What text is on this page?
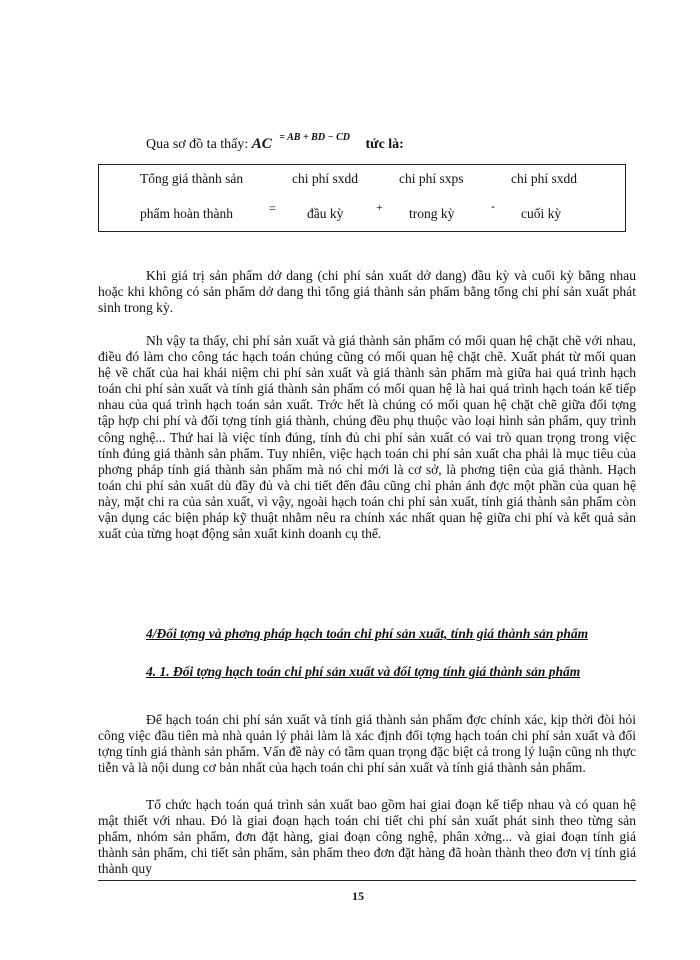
Qua sơ đồ ta thấy: AC $^{= AB + BD - CD}$ tức là:
Tổng giá thành sản	chi phí sxdd	chi phí sxps	chi phí sxdd
phẩm hoàn thành	đầu kỳ	trong kỳ	cuối kỳ
=	+	-

Khi giá trị sản phẩm dở dang (chi phí sản xuất dở dang) đầu kỳ và cuối kỳ bằng nhau hoặc khi không có sản phẩm dở dang thì tổng giá thành sản phẩm bằng tổng chi phí sản xuất phát sinh trong kỳ.

Nh vậy ta thấy, chi phí sản xuất và giá thành sản phẩm có mối quan hệ chặt chẽ với nhau, điều đó làm cho công tác hạch toán chúng cũng có mối quan hệ chặt chẽ. Xuất phát từ mối quan hệ về chất của hai khái niệm chi phí sản xuất và giá thành sản phẩm mà giữa hai quá trình hạch toán chi phí sản xuất và tính giá thành sản phẩm có mối quan hệ là hai quá trình hạch toán kế tiếp nhau của quá trình hạch toán sản xuất. Trớc hết là chúng có mối quan hệ chặt chẽ giữa đối tợng tập hợp chi phí và đối tợng tính giá thành, chúng đều phụ thuộc vào loại hình sản phẩm, quy trình công nghệ... Thứ hai là việc tính đúng, tính đủ chi phí sản xuất có vai trò quan trọng trong việc tính đúng giá thành sản phẩm. Tuy nhiên, việc hạch toán chi phí sản xuất cha phải là mục tiêu của phơng pháp tính giá thành sản phẩm mà nó chỉ mới là cơ sở, là phơng tiện của giá thành. Hạch toán chi phí sản xuất dù đầy đủ và chi tiết đến đâu cũng chỉ phản ánh đợc một phần của quan hệ này, mặt chi ra của sản xuất, vì vậy, ngoài hạch toán chi phí sản xuất, tính giá thành sản phẩm còn vận dụng các biện pháp kỹ thuật nhằm nêu ra chính xác nhất quan hệ giữa chi phí và kết quả sản xuất của từng hoạt động sản xuất kinh doanh cụ thể.

4/Đối tợng và phơng pháp hạch toán chi phí sản xuất, tính giá thành sản phẩm

4. 1. Đối tợng hạch toán chi phí sản xuất và đối tợng tính giá thành sản phẩm

Để hạch toán chi phí sản xuất và tính giá thành sản phẩm đợc chính xác, kịp thời đòi hỏi công việc đầu tiên mà nhà quản lý phải làm là xác định đối tợng hạch toán chi phí sản xuất và đối tợng tính giá thành sản phẩm. Vấn đề này có tầm quan trọng đặc biệt cả trong lý luận cũng nh thực tiễn và là nội dung cơ bản nhất của hạch toán chi phí sản xuất và tính giá thành sản phẩm.

Tổ chức hạch toán quá trình sản xuất bao gồm hai giai đoạn kế tiếp nhau và có quan hệ mật thiết với nhau. Đó là giai đoạn hạch toán chi tiết chi phí sản xuất phát sinh theo từng sản phẩm, nhóm sản phẩm, đơn đặt hàng, giai đoạn công nghệ, phân xởng... và giai đoạn tính giá thành sản phẩm, chi tiết sản phẩm, sản phẩm theo đơn đặt hàng đã hoàn thành theo đơn vị tính giá thành quy

15
